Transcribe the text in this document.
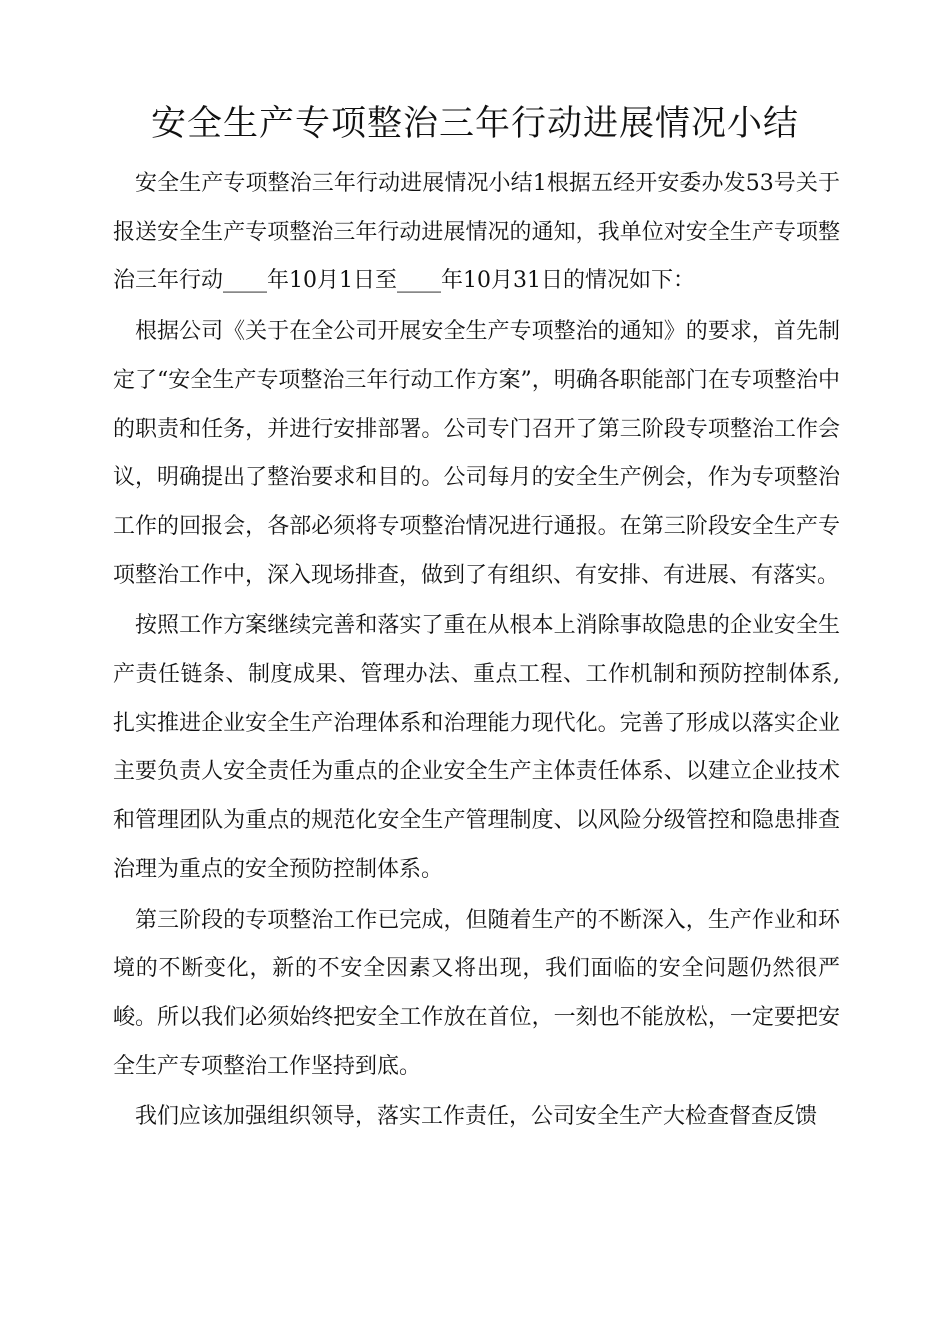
安全生产专项整治三年行动进展情况小结

安全生产专项整治三年行动进展情况小结1根据五经开安委办发53号关于报送安全生产专项整治三年行动进展情况的通知，我单位对安全生产专项整治三年行动____年10月1日至____年10月31日的情况如下：

根据公司《关于在全公司开展安全生产专项整治的通知》的要求，首先制定了“安全生产专项整治三年行动工作方案”，明确各职能部门在专项整治中的职责和任务，并进行安排部署。公司专门召开了第三阶段专项整治工作会议，明确提出了整治要求和目的。公司每月的安全生产例会，作为专项整治工作的回报会，各部必须将专项整治情况进行通报。在第三阶段安全生产专项整治工作中，深入现场排查，做到了有组织、有安排、有进展、有落实。

按照工作方案继续完善和落实了重在从根本上消除事故隐患的企业安全生产责任链条、制度成果、管理办法、重点工程、工作机制和预防控制体系,扎实推进企业安全生产治理体系和治理能力现代化。完善了形成以落实企业主要负责人安全责任为重点的企业安全生产主体责任体系、以建立企业技术和管理团队为重点的规范化安全生产管理制度、以风险分级管控和隐患排查治理为重点的安全预防控制体系。

第三阶段的专项整治工作已完成，但随着生产的不断深入，生产作业和环境的不断变化，新的不安全因素又将出现，我们面临的安全问题仍然很严峻。所以我们必须始终把安全工作放在首位，一刻也不能放松，一定要把安全生产专项整治工作坚持到底。

我们应该加强组织领导，落实工作责任，公司安全生产大检查督查反馈
